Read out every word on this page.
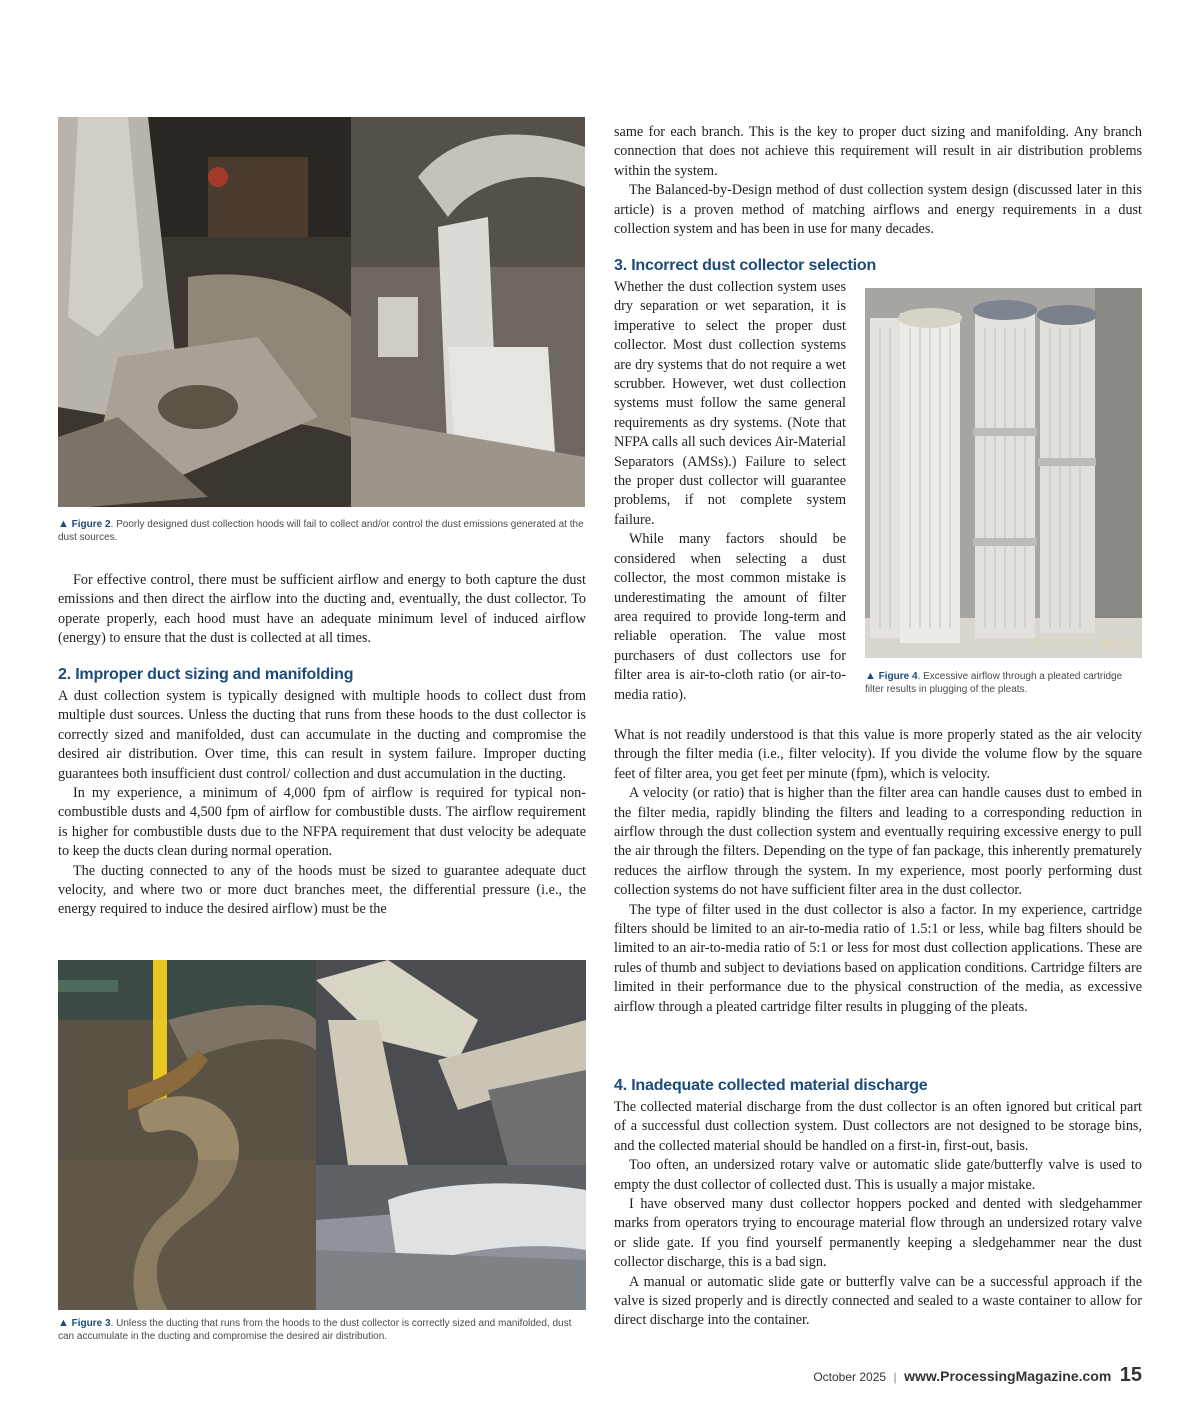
▲ Figure 2. Poorly designed dust collection hoods will fail to collect and/or control the dust emissions generated at the dust sources.

For effective control, there must be sufficient airflow and energy to both capture the dust emissions and then direct the airflow into the ducting and, eventually, the dust collector. To operate properly, each hood must have an adequate minimum level of induced airflow (energy) to ensure that the dust is collected at all times.

2. Improper duct sizing and manifolding

A dust collection system is typically designed with multiple hoods to collect dust from multiple dust sources. Unless the ducting that runs from these hoods to the dust collector is correctly sized and manifolded, dust can accumulate in the ducting and compromise the desired air distribution. Over time, this can result in system failure. Improper ducting guarantees both insufficient dust control/ collection and dust accumulation in the ducting.

In my experience, a minimum of 4,000 fpm of airflow is required for typical non-combustible dusts and 4,500 fpm of airflow for combustible dusts. The airflow requirement is higher for combustible dusts due to the NFPA requirement that dust velocity be adequate to keep the ducts clean during normal operation.

The ducting connected to any of the hoods must be sized to guarantee adequate duct velocity, and where two or more duct branches meet, the differential pressure (i.e., the energy required to induce the desired airflow) must be the

▲ Figure 3. Unless the ducting that runs from the hoods to the dust collector is correctly sized and manifolded, dust can accumulate in the ducting and compromise the desired air distribution.

same for each branch. This is the key to proper duct sizing and manifolding. Any branch connection that does not achieve this requirement will result in air distribution problems within the system.

The Balanced-by-Design method of dust collection system design (discussed later in this article) is a proven method of matching airflows and energy requirements in a dust collection system and has been in use for many decades.

3. Incorrect dust collector selection

Whether the dust collection system uses dry separation or wet separation, it is imperative to select the proper dust collector. Most dust collection systems are dry systems that do not require a wet scrubber. However, wet dust collection systems must follow the same general requirements as dry systems. (Note that NFPA calls all such devices Air-Material Separators (AMSs).) Failure to select the proper dust collector will guarantee problems, if not complete system failure.

While many factors should be considered when selecting a dust collector, the most common mistake is underestimating the amount of filter area required to provide long-term and reliable operation. The value most purchasers of dust collectors use for filter area is air-to-cloth ratio (or air-to-media ratio).

2015/11/25 06:50
▲ Figure 4. Excessive airflow through a pleated cartridge filter results in plugging of the pleats.

What is not readily understood is that this value is more properly stated as the air velocity through the filter media (i.e., filter velocity). If you divide the volume flow by the square feet of filter area, you get feet per minute (fpm), which is velocity.

A velocity (or ratio) that is higher than the filter area can handle causes dust to embed in the filter media, rapidly blinding the filters and leading to a corresponding reduction in airflow through the dust collection system and eventually requiring excessive energy to pull the air through the filters. Depending on the type of fan package, this inherently prematurely reduces the airflow through the system. In my experience, most poorly performing dust collection systems do not have sufficient filter area in the dust collector.

The type of filter used in the dust collector is also a factor. In my experience, cartridge filters should be limited to an air-to-media ratio of 1.5:1 or less, while bag filters should be limited to an air-to-media ratio of 5:1 or less for most dust collection applications. These are rules of thumb and subject to deviations based on application conditions. Cartridge filters are limited in their performance due to the physical construction of the media, as excessive airflow through a pleated cartridge filter results in plugging of the pleats.

4. Inadequate collected material discharge

The collected material discharge from the dust collector is an often ignored but critical part of a successful dust collection system. Dust collectors are not designed to be storage bins, and the collected material should be handled on a first-in, first-out, basis.

Too often, an undersized rotary valve or automatic slide gate/butterfly valve is used to empty the dust collector of collected dust. This is usually a major mistake.

I have observed many dust collector hoppers pocked and dented with sledgehammer marks from operators trying to encourage material flow through an undersized rotary valve or slide gate. If you find yourself permanently keeping a sledgehammer near the dust collector discharge, this is a bad sign.

A manual or automatic slide gate or butterfly valve can be a successful approach if the valve is sized properly and is directly connected and sealed to a waste container to allow for direct discharge into the container.

October 2025 | www.ProcessingMagazine.com 15
